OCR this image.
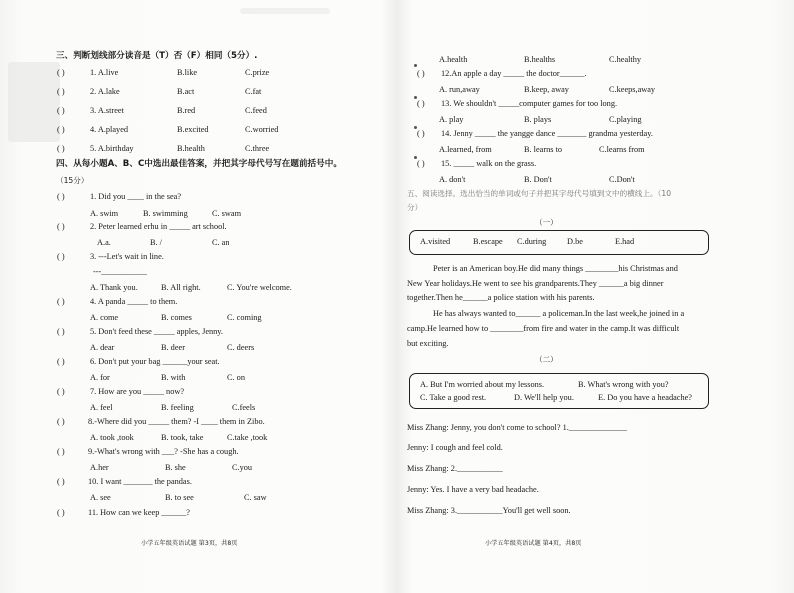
三、判断划线部分读音是（T）否（F）相同（5分）.
( )	1. A.live	B.like	C.prize
( )	2. A.lake	B.act	C.fat
( )	3. A.street	B.red	C.feed
( )	4. A.played	B.excited	C.worried
( )	5. A.birthday	B.health	C.three
四、从每小题A、B、C中选出最佳答案，并把其字母代号写在题前括号中。
（15分）
( )	1. Did you ____ in the sea?
A. swim	B. swimming	C. swam
( )	2. Peter learned erhu in _____ art school.
A.a.	B. /	C. an
( )	3. ---Let's wait in line.
---___________
A. Thank you.	B. All right.	C. You're welcome.
( )	4. A panda _____ to them.
A. come	B. comes	C. coming
( )	5. Don't feed these _____ apples, Jenny.
A. dear	B. deer	C. deers
( )	6. Don't put your bag ______your seat.
A. for	B. with	C. on
( )	7. How are you _____ now?
A. feel	B. feeling	C.feels
( )	8.-Where did you _____ them? -I ____ them in Zibo.
A. took ,took	B. took, take	C.take ,took
( )	9.-What's wrong with ___? -She has a cough.
A.her	B. she	C.you
( )	10. I want _______ the pandas.
A. see	B. to see	C. saw
( )	11. How can we keep ______?
小学五年级英语试题 第3页，共8页
A.health	B.healths	C.healthy
( ) 12.An apple a day _____ the doctor______.
A. run,away	B.keep, away	C.keeps,away
( ) 13. We shouldn't _____computer games for too long.
A. play	B. plays	C.playing
( ) 14. Jenny _____ the yangge dance _______ grandma yesterday.
A.learned, from	B. learns to	C.learns from
( ) 15. _____ walk on the grass.
A. don't	B. Don't	C.Don't
五、阅读选择。选出恰当的单词或句子并把其字母代号填到文中的横线上。（10
分）
（一）
A.visited	B.escape C.during D.be	E.had
Peter is an American boy.He did many things ________his Christmas and
New Year holidays.He went to see his grandparents.They ______a big dinner
together.Then he______a police station with his parents.
He has always wanted to______ a policeman.In the last week,he joined in a
camp.He learned how to ________from fire and water in the camp.It was difficult
but exciting.
（二）
A. But I'm worried about my lessons.	B. What's wrong with you?
C. Take a good rest.	D. We'll help you.	E. Do you have a headache?
Miss Zhang: Jenny, you don't come to school? 1.______________
Jenny: I cough and feel cold.
Miss Zhang: 2.___________
Jenny: Yes. I have a very bad headache.
Miss Zhang: 3.___________You'll get well soon.
小学五年级英语试题 第4页，共8页
